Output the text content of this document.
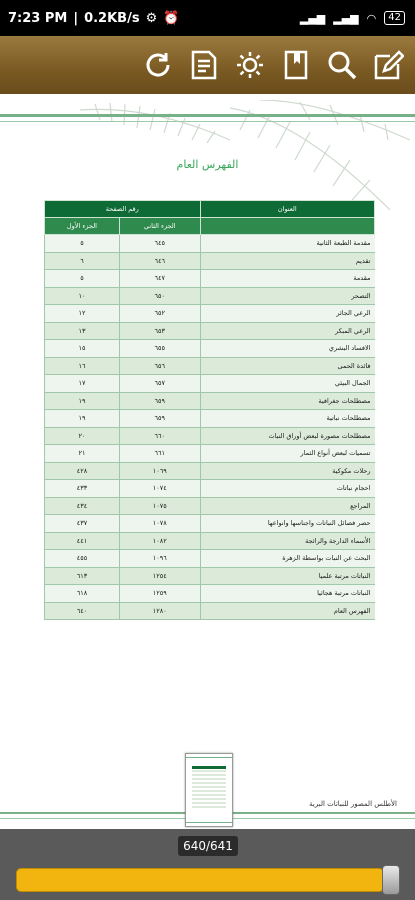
7:23 PM | 0.2KB/s ⚙ ⏰	▂▄▆ ▂▄▆ ◠	42
الفهرس العام
العنوان	رقم الصفحة	
	الجزء الثاني	الجزء الأول
مقدمة الطبعة الثانية	٦٤٥	٥
تقديم	٦٤٦	٦
مقدمة	٦٤٧	٥
التصحر	٦٥٠	١٠
الرعي الجائر	٦٥٢	١٢
الرعي المبكر	٦٥٣	١٣
الافساد البشري	٦٥٥	١٥
فائدة الحمى	٦٥٦	١٦
الجمال البيئي	٦٥٧	١٧
مصطلحات جغرافية	٦٥٩	١٩
مصطلحات نباتية	٦٥٩	١٩
مصطلحات مصورة لبعض أوراق النبات	٦٦٠	٢٠
تسميات لبعض أنواع الثمار	٦٦١	٢١
رحلات مكوكية	١٠٦٩	٤٢٨
احجام نباتات	١٠٧٤	٤٣٣
المراجع	١٠٧٥	٤٣٤
حصر فصائل النباتات واجناسها وانواعها	١٠٧٨	٤٣٧
الأسماء الدارجة والرائجة	١٠٨٢	٤٤١
البحث عن النبات بواسطة الزهرة	١٠٩٦	٤٥٥
النباتات مرتبة علميا	١٢٥٤	٦١٣
النباتات مرتبة هجائيا	١٢٥٩	٦١٨
الفهرس العام	١٢٨٠	٦٤٠
الأطلس المصور للنباتات البرية
640/641
